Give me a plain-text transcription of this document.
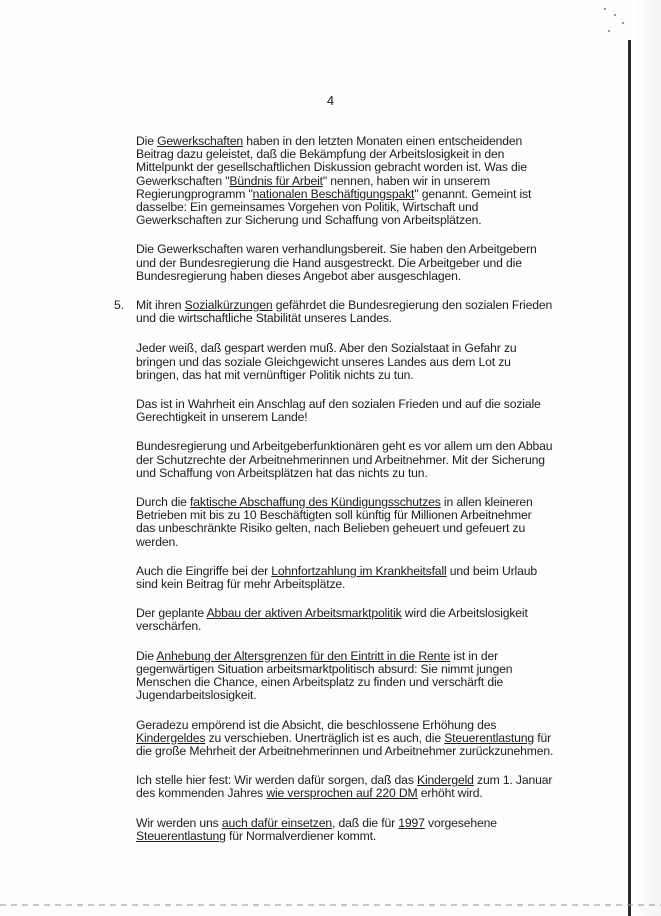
4
Die Gewerkschaften haben in den letzten Monaten einen entscheidenden
Beitrag dazu geleistet, daß die Bekämpfung der Arbeitslosigkeit in den
Mittelpunkt der gesellschaftlichen Diskussion gebracht worden ist. Was die
Gewerkschaften "Bündnis für Arbeit" nennen, haben wir in unserem
Regierungprogramm "nationalen Beschäftigungspakt" genannt. Gemeint ist
dasselbe: Ein gemeinsames Vorgehen von Politik, Wirtschaft und
Gewerkschaften zur Sicherung und Schaffung von Arbeitsplätzen.
Die Gewerkschaften waren verhandlungsbereit. Sie haben den Arbeitgebern
und der Bundesregierung die Hand ausgestreckt. Die Arbeitgeber und die
Bundesregierung haben dieses Angebot aber ausgeschlagen.
5. Mit ihren Sozialkürzungen gefährdet die Bundesregierung den sozialen Frieden
und die wirtschaftliche Stabilität unseres Landes.
Jeder weiß, daß gespart werden muß. Aber den Sozialstaat in Gefahr zu
bringen und das soziale Gleichgewicht unseres Landes aus dem Lot zu
bringen, das hat mit vernünftiger Politik nichts zu tun.
Das ist in Wahrheit ein Anschlag auf den sozialen Frieden und auf die soziale
Gerechtigkeit in unserem Lande!
Bundesregierung und Arbeitgeberfunktionären geht es vor allem um den Abbau
der Schutzrechte der Arbeitnehmerinnen und Arbeitnehmer. Mit der Sicherung
und Schaffung von Arbeitsplätzen hat das nichts zu tun.
Durch die faktische Abschaffung des Kündigungsschutzes in allen kleineren
Betrieben mit bis zu 10 Beschäftigten soll künftig für Millionen Arbeitnehmer
das unbeschränkte Risiko gelten, nach Belieben geheuert und gefeuert zu
werden.
Auch die Eingriffe bei der Lohnfortzahlung im Krankheitsfall und beim Urlaub
sind kein Beitrag für mehr Arbeitsplätze.
Der geplante Abbau der aktiven Arbeitsmarktpolitik wird die Arbeitslosigkeit
verschärfen.
Die Anhebung der Altersgrenzen für den Eintritt in die Rente ist in der
gegenwärtigen Situation arbeitsmarktpolitisch absurd: Sie nimmt jungen
Menschen die Chance, einen Arbeitsplatz zu finden und verschärft die
Jugendarbeitslosigkeit.
Geradezu empörend ist die Absicht, die beschlossene Erhöhung des
Kindergeldes zu verschieben. Unerträglich ist es auch, die Steuerentlastung für
die große Mehrheit der Arbeitnehmerinnen und Arbeitnehmer zurückzunehmen.
Ich stelle hier fest: Wir werden dafür sorgen, daß das Kindergeld zum 1. Januar
des kommenden Jahres wie versprochen auf 220 DM erhöht wird.
Wir werden uns auch dafür einsetzen, daß die für 1997 vorgesehene
Steuerentlastung für Normalverdiener kommt.
